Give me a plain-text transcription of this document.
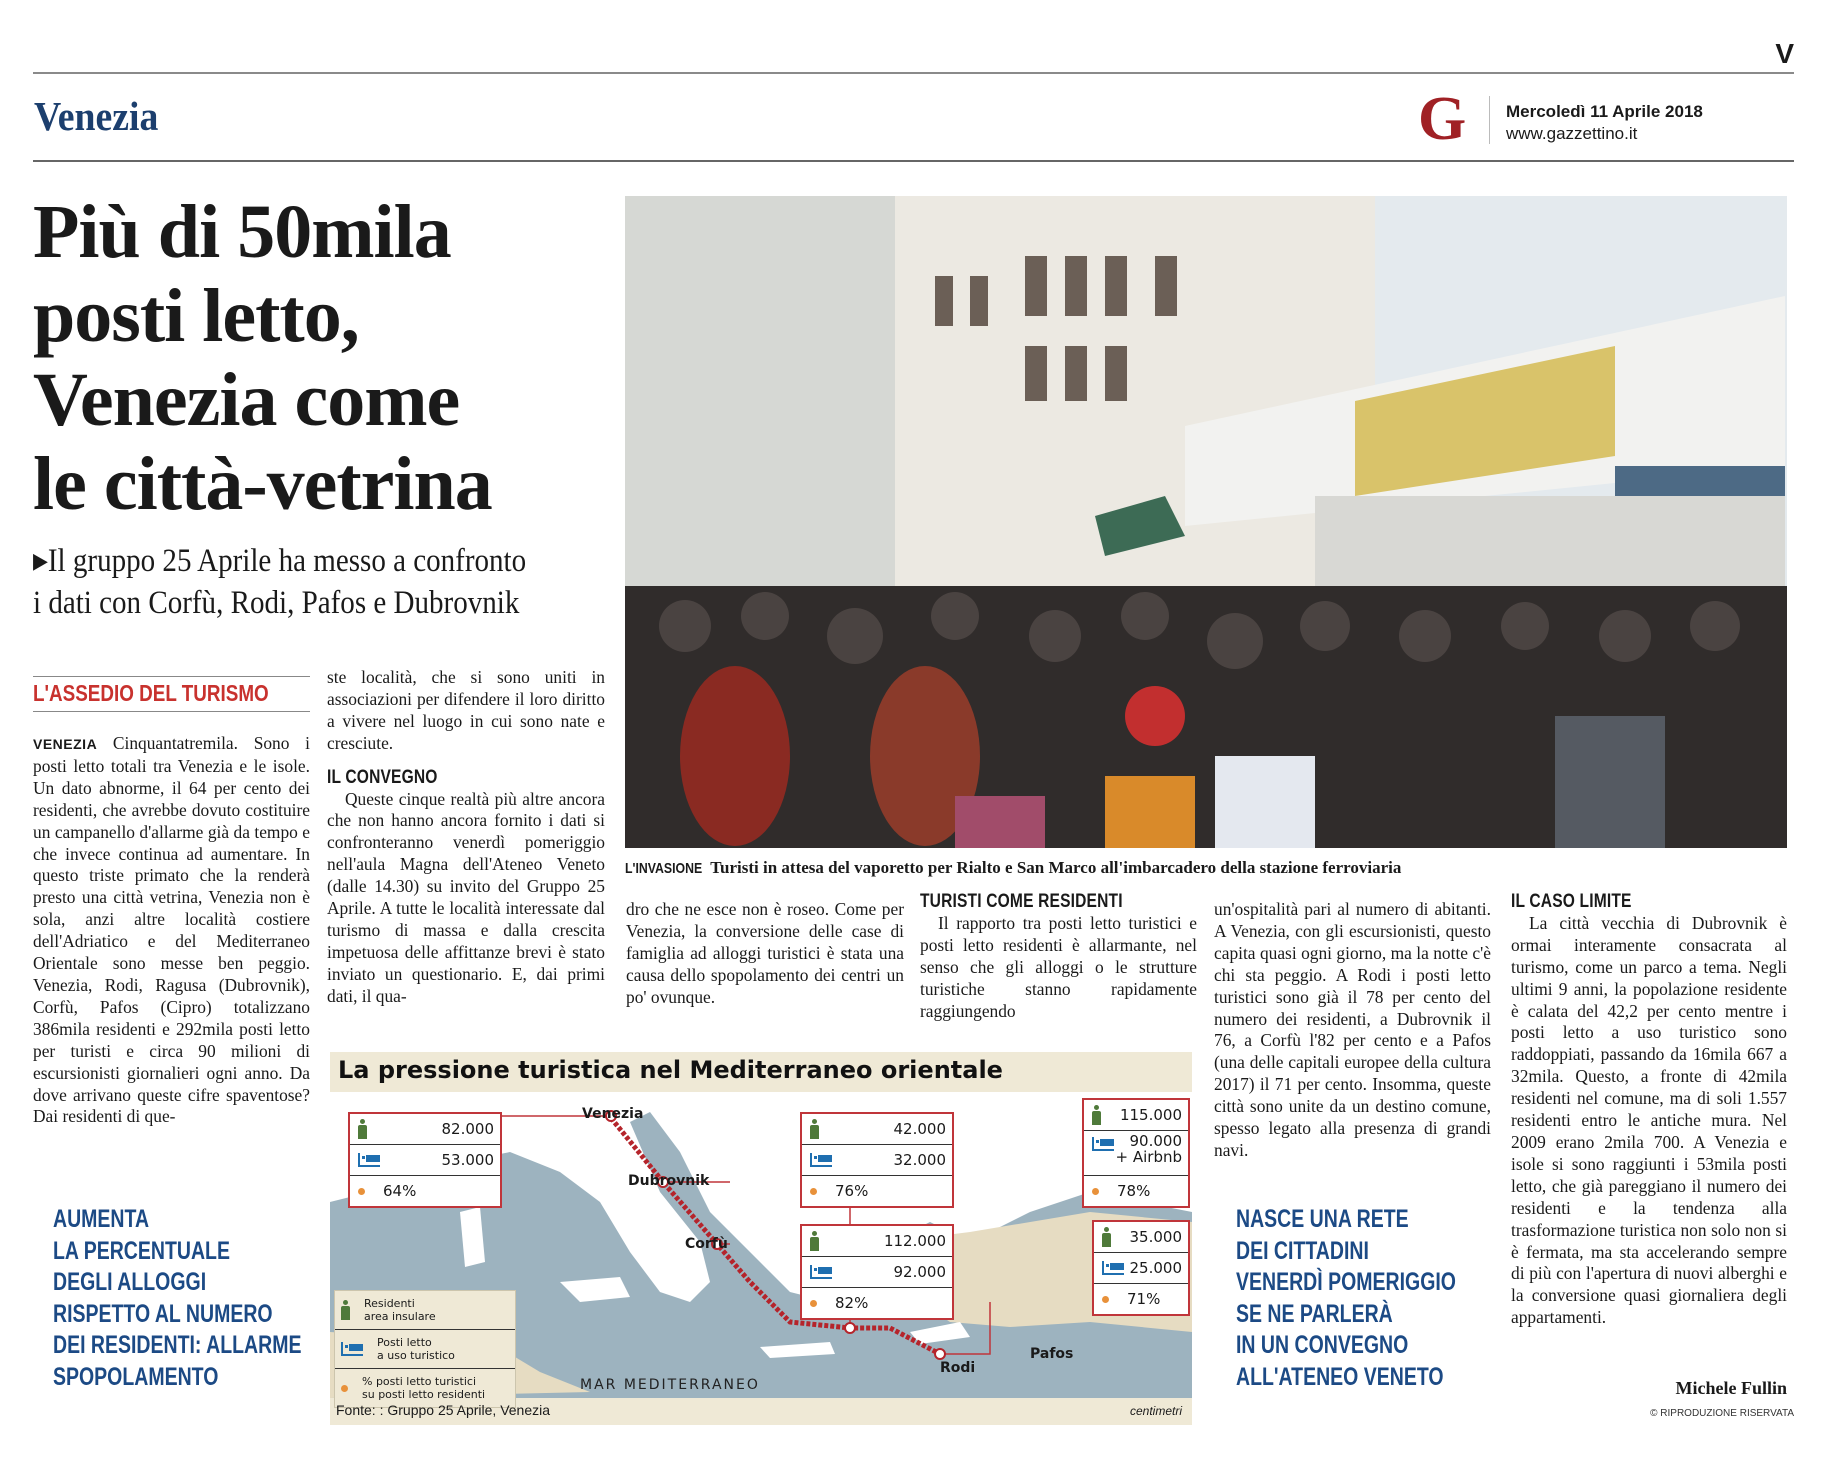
V
Venezia	G Mercoledì 11 Aprile 2018
www.gazzettino.it
Più di 50mila
posti letto,
Venezia come
le città-vetrina
▶Il gruppo 25 Aprile ha messo a confronto
i dati con Corfù, Rodi, Pafos e Dubrovnik
L'INVASIONE Turisti in attesa del vaporetto per Rialto e San Marco all'imbarcadero della stazione ferroviaria
L'ASSEDIO DEL TURISMO

VENEZIA Cinquantatremila. Sono i posti letto totali tra Venezia e le isole. Un dato abnorme, il 64 per cento dei residenti, che avrebbe dovuto costituire un campanello d'allarme già da tempo e che invece continua ad aumentare. In questo triste primato che la renderà presto una città vetrina, Venezia non è sola, anzi altre località costiere dell'Adriatico e del Mediterraneo Orientale sono messe ben peggio. Venezia, Rodi, Ragusa (Dubrovnik), Corfù, Pafos (Cipro) totalizzano 386mila residenti e 292mila posti letto per turisti e circa 90 milioni di escursionisti giornalieri ogni anno. Da dove arrivano queste cifre spaventose? Dai residenti di que-

ste località, che si sono uniti in associazioni per difendere il loro diritto a vivere nel luogo in cui sono nate e cresciute.

IL CONVEGNO

Queste cinque realtà più altre ancora che non hanno ancora fornito i dati si confronteranno venerdì pomeriggio nell'aula Magna dell'Ateneo Veneto (dalle 14.30) su invito del Gruppo 25 Aprile. A tutte le località interessate dal turismo di massa e dalla crescita impetuosa delle affittanze brevi è stato inviato un questionario. E, dai primi dati, il qua-

dro che ne esce non è roseo. Come per Venezia, la conversione delle case di famiglia ad alloggi turistici è stata una causa dello spopolamento dei centri un po' ovunque.

TURISTI COME RESIDENTI

Il rapporto tra posti letto turistici e posti letto residenti è allarmante, nel senso che gli alloggi o le strutture turistiche stanno rapidamente raggiungendo

un'ospitalità pari al numero di abitanti. A Venezia, con gli escursionisti, questo capita quasi ogni giorno, ma la notte c'è chi sta peggio. A Rodi i posti letto turistici sono già il 78 per cento del numero dei residenti, a Dubrovnik il 76, a Corfù l'82 per cento e a Pafos (una delle capitali europee della cultura 2017) il 71 per cento. Insomma, queste città sono unite da un destino comune, spesso legato alla presenza di grandi navi.

IL CASO LIMITE

La città vecchia di Dubrovnik è ormai interamente consacrata al turismo, come un parco a tema. Negli ultimi 9 anni, la popolazione residente è calata del 42,2 per cento mentre i posti letto a uso turistico sono raddoppiati, passando da 16mila 667 a 32mila. Questo, a fronte di 42mila residenti nel comune, ma di soli 1.557 residenti entro le antiche mura. Nel 2009 erano 2mila 700. A Venezia e isole si sono raggiunti i 53mila posti letto, che già pareggiano il numero dei residenti e la tendenza alla trasformazione turistica non solo non si è fermata, ma sta accelerando sempre di più con l'apertura di nuovi alberghi e la conversione quasi giornaliera degli appartamenti.

Michele Fullin
© RIPRODUZIONE RISERVATA
AUMENTA
LA PERCENTUALE
DEGLI ALLOGGI
RISPETTO AL NUMERO
DEI RESIDENTI: ALLARME
SPOPOLAMENTO
NASCE UNA RETE
DEI CITTADINI
VENERDÌ POMERIGGIO
SE NE PARLERÀ
IN UN CONVEGNO
ALL'ATENEO VENETO
La pressione turistica nel Mediterraneo orientale
Venezia
Dubrovnik
Corfù
Rodi
Pafos
MAR MEDITERRANEO
82.000
53.000
64%
42.000
32.000
76%
112.000
92.000
82%
115.000
90.000
+ Airbnb
78%
35.000
25.000
71%
Residenti
area insulare
Posti letto
a uso turistico
% posti letto turistici
su posti letto residenti
Fonte: : Gruppo 25 Aprile, Venezia	centimetri
